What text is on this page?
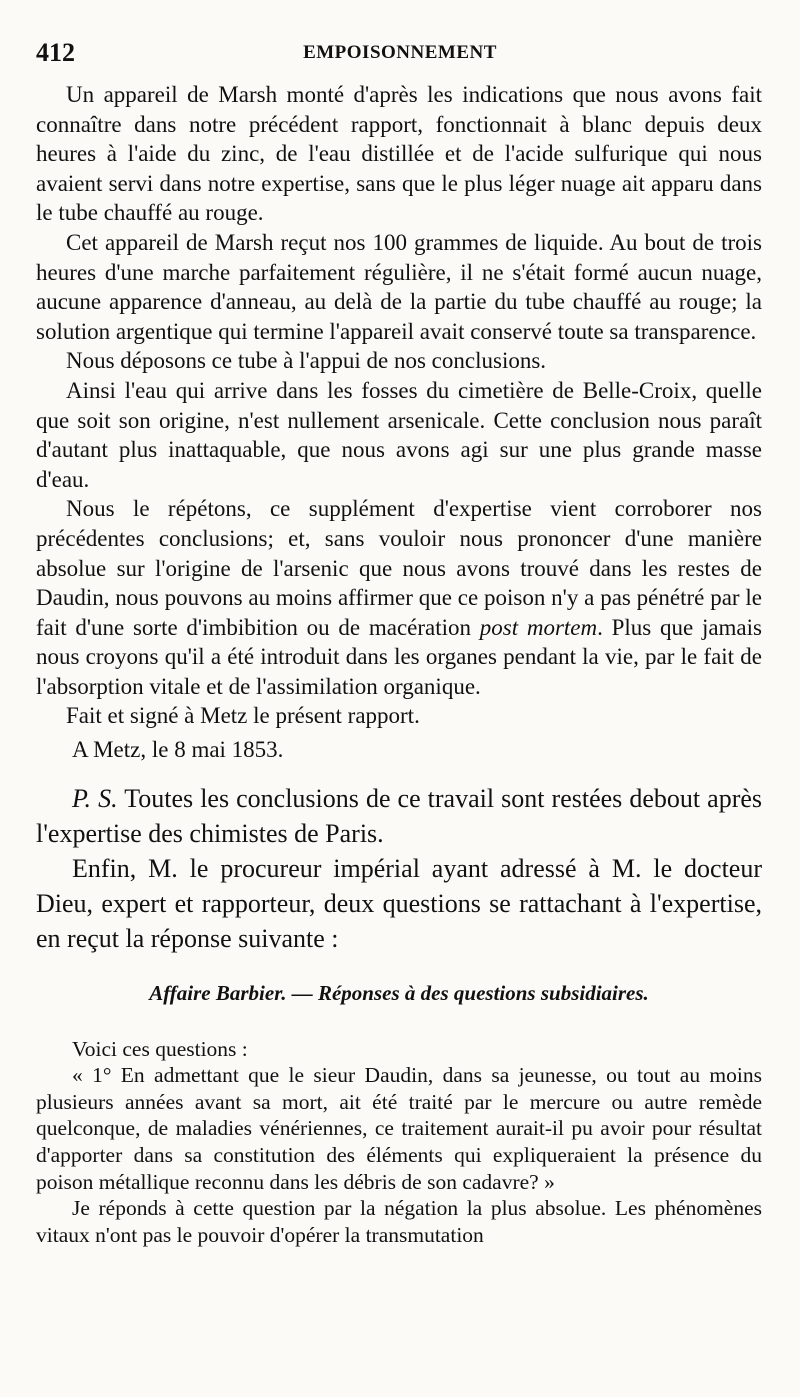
412	EMPOISONNEMENT

Un appareil de Marsh monté d'après les indications que nous avons fait connaître dans notre précédent rapport, fonctionnait à blanc depuis deux heures à l'aide du zinc, de l'eau distillée et de l'acide sulfurique qui nous avaient servi dans notre expertise, sans que le plus léger nuage ait apparu dans le tube chauffé au rouge.

Cet appareil de Marsh reçut nos 100 grammes de liquide. Au bout de trois heures d'une marche parfaitement régulière, il ne s'était formé aucun nuage, aucune apparence d'anneau, au delà de la partie du tube chauffé au rouge; la solution argentique qui termine l'appareil avait conservé toute sa transparence.

Nous déposons ce tube à l'appui de nos conclusions.

Ainsi l'eau qui arrive dans les fosses du cimetière de Belle-Croix, quelle que soit son origine, n'est nullement arsenicale. Cette conclusion nous paraît d'autant plus inattaquable, que nous avons agi sur une plus grande masse d'eau.

Nous le répétons, ce supplément d'expertise vient corroborer nos précédentes conclusions; et, sans vouloir nous prononcer d'une manière absolue sur l'origine de l'arsenic que nous avons trouvé dans les restes de Daudin, nous pouvons au moins affirmer que ce poison n'y a pas pénétré par le fait d'une sorte d'imbibition ou de macération post mortem. Plus que jamais nous croyons qu'il a été introduit dans les organes pendant la vie, par le fait de l'absorption vitale et de l'assimilation organique.

Fait et signé à Metz le présent rapport.

A Metz, le 8 mai 1853.

P. S. Toutes les conclusions de ce travail sont restées debout après l'expertise des chimistes de Paris.

Enfin, M. le procureur impérial ayant adressé à M. le docteur Dieu, expert et rapporteur, deux questions se rattachant à l'expertise, en reçut la réponse suivante :

Affaire Barbier. — Réponses à des questions subsidiaires.

Voici ces questions :

« 1° En admettant que le sieur Daudin, dans sa jeunesse, ou tout au moins plusieurs années avant sa mort, ait été traité par le mercure ou autre remède quelconque, de maladies vénériennes, ce traitement aurait-il pu avoir pour résultat d'apporter dans sa constitution des éléments qui expliqueraient la présence du poison métallique reconnu dans les débris de son cadavre? »

Je réponds à cette question par la négation la plus absolue. Les phénomènes vitaux n'ont pas le pouvoir d'opérer la transmutation
